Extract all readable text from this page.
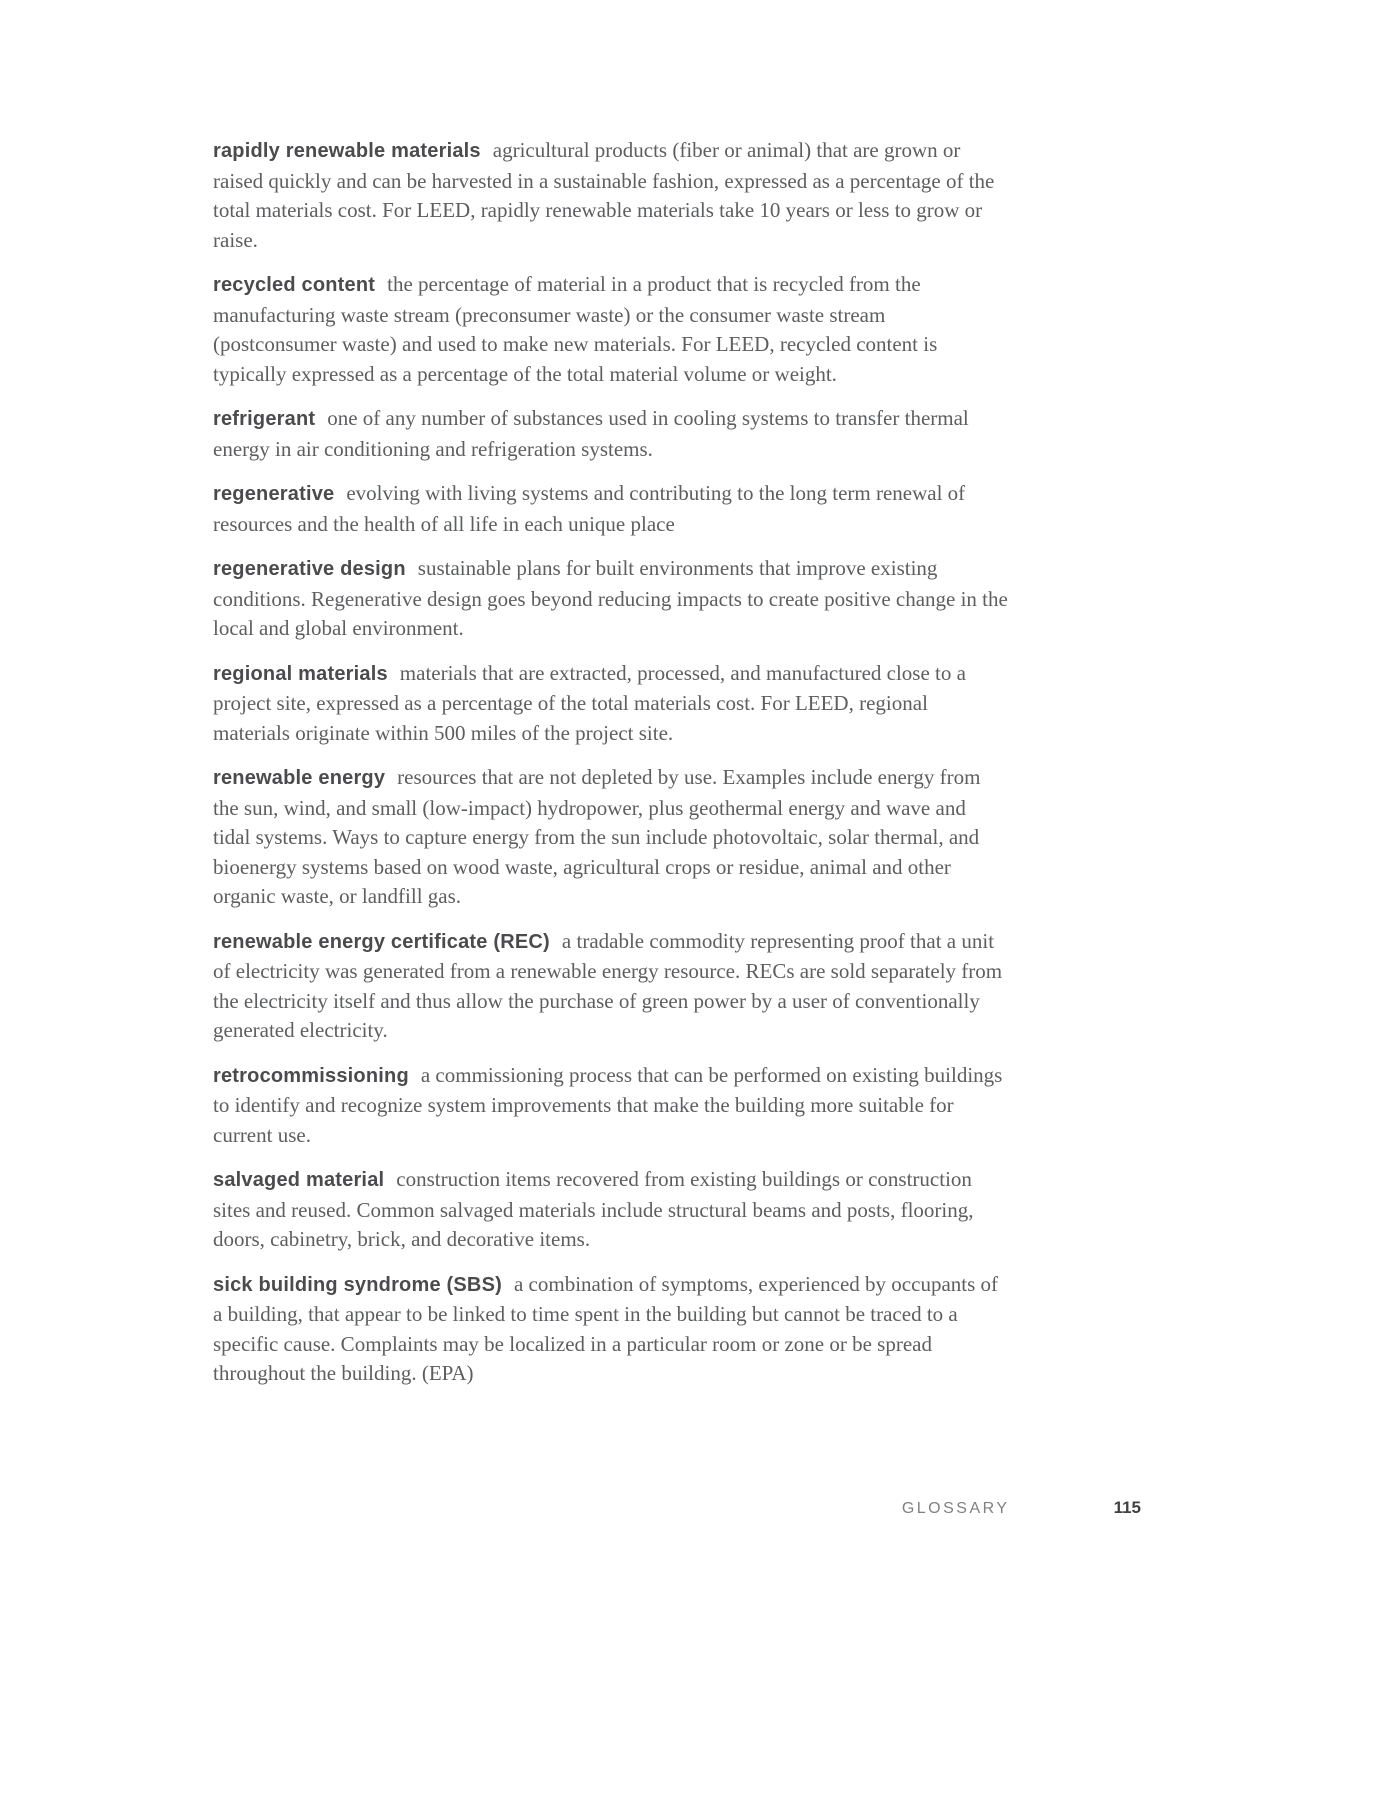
rapidly renewable materials agricultural products (fiber or animal) that are grown or raised quickly and can be harvested in a sustainable fashion, expressed as a percentage of the total materials cost. For LEED, rapidly renewable materials take 10 years or less to grow or raise.

recycled content the percentage of material in a product that is recycled from the manufacturing waste stream (preconsumer waste) or the consumer waste stream (postconsumer waste) and used to make new materials. For LEED, recycled content is typically expressed as a percentage of the total material volume or weight.

refrigerant one of any number of substances used in cooling systems to transfer thermal energy in air conditioning and refrigeration systems.

regenerative evolving with living systems and contributing to the long term renewal of resources and the health of all life in each unique place

regenerative design sustainable plans for built environments that improve existing conditions. Regenerative design goes beyond reducing impacts to create positive change in the local and global environment.

regional materials materials that are extracted, processed, and manufactured close to a project site, expressed as a percentage of the total materials cost. For LEED, regional materials originate within 500 miles of the project site.

renewable energy resources that are not depleted by use. Examples include energy from the sun, wind, and small (low-impact) hydropower, plus geothermal energy and wave and tidal systems. Ways to capture energy from the sun include photovoltaic, solar thermal, and bioenergy systems based on wood waste, agricultural crops or residue, animal and other organic waste, or landfill gas.

renewable energy certificate (REC) a tradable commodity representing proof that a unit of electricity was generated from a renewable energy resource. RECs are sold separately from the electricity itself and thus allow the purchase of green power by a user of conventionally generated electricity.

retrocommissioning a commissioning process that can be performed on existing buildings to identify and recognize system improvements that make the building more suitable for current use.

salvaged material construction items recovered from existing buildings or construction sites and reused. Common salvaged materials include structural beams and posts, flooring, doors, cabinetry, brick, and decorative items.

sick building syndrome (SBS) a combination of symptoms, experienced by occupants of a building, that appear to be linked to time spent in the building but cannot be traced to a specific cause. Complaints may be localized in a particular room or zone or be spread throughout the building. (EPA)

GLOSSARY	115
